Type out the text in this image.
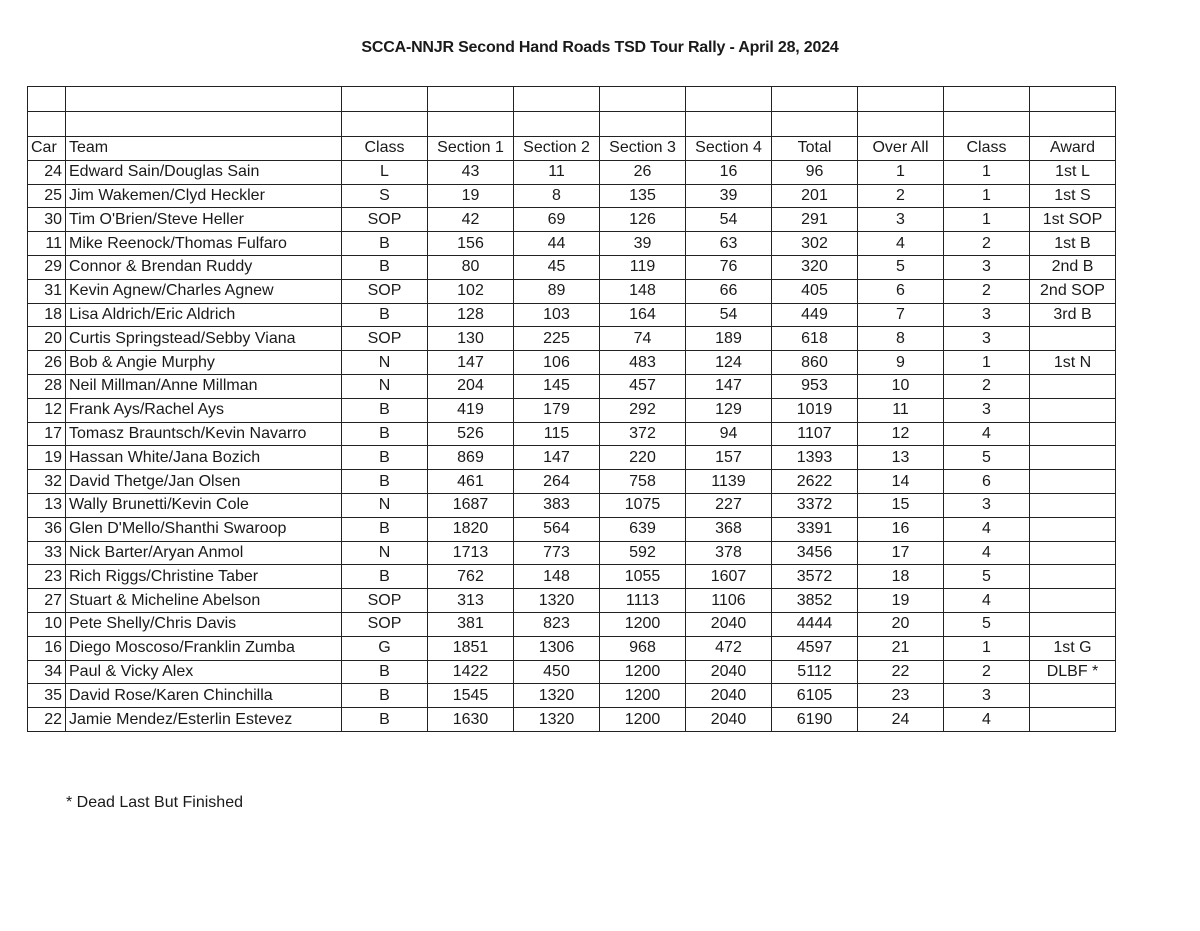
SCCA-NNJR Second Hand Roads TSD Tour Rally - April 28, 2024

Car	Team	Class	Section 1	Section 2	Section 3	Section 4	Total	Over All	Class	Award
24	Edward Sain/Douglas Sain	L	43	11	26	16	96	1	1	1st L
25	Jim Wakemen/Clyd Heckler	S	19	8	135	39	201	2	1	1st S
30	Tim O'Brien/Steve Heller	SOP	42	69	126	54	291	3	1	1st SOP
11	Mike Reenock/Thomas Fulfaro	B	156	44	39	63	302	4	2	1st B
29	Connor & Brendan Ruddy	B	80	45	119	76	320	5	3	2nd B
31	Kevin Agnew/Charles Agnew	SOP	102	89	148	66	405	6	2	2nd SOP
18	Lisa Aldrich/Eric Aldrich	B	128	103	164	54	449	7	3	3rd B
20	Curtis Springstead/Sebby Viana	SOP	130	225	74	189	618	8	3	
26	Bob & Angie Murphy	N	147	106	483	124	860	9	1	1st N
28	Neil Millman/Anne Millman	N	204	145	457	147	953	10	2	
12	Frank Ays/Rachel Ays	B	419	179	292	129	1019	11	3	
17	Tomasz Brauntsch/Kevin Navarro	B	526	115	372	94	1107	12	4	
19	Hassan White/Jana Bozich	B	869	147	220	157	1393	13	5	
32	David Thetge/Jan Olsen	B	461	264	758	1139	2622	14	6	
13	Wally Brunetti/Kevin Cole	N	1687	383	1075	227	3372	15	3	
36	Glen D'Mello/Shanthi Swaroop	B	1820	564	639	368	3391	16	4	
33	Nick Barter/Aryan Anmol	N	1713	773	592	378	3456	17	4	
23	Rich Riggs/Christine Taber	B	762	148	1055	1607	3572	18	5	
27	Stuart & Micheline Abelson	SOP	313	1320	1113	1106	3852	19	4	
10	Pete Shelly/Chris Davis	SOP	381	823	1200	2040	4444	20	5	
16	Diego Moscoso/Franklin Zumba	G	1851	1306	968	472	4597	21	1	1st G
34	Paul & Vicky Alex	B	1422	450	1200	2040	5112	22	2	DLBF *
35	David Rose/Karen Chinchilla	B	1545	1320	1200	2040	6105	23	3	
22	Jamie Mendez/Esterlin Estevez	B	1630	1320	1200	2040	6190	24	4	
* Dead Last But Finished
